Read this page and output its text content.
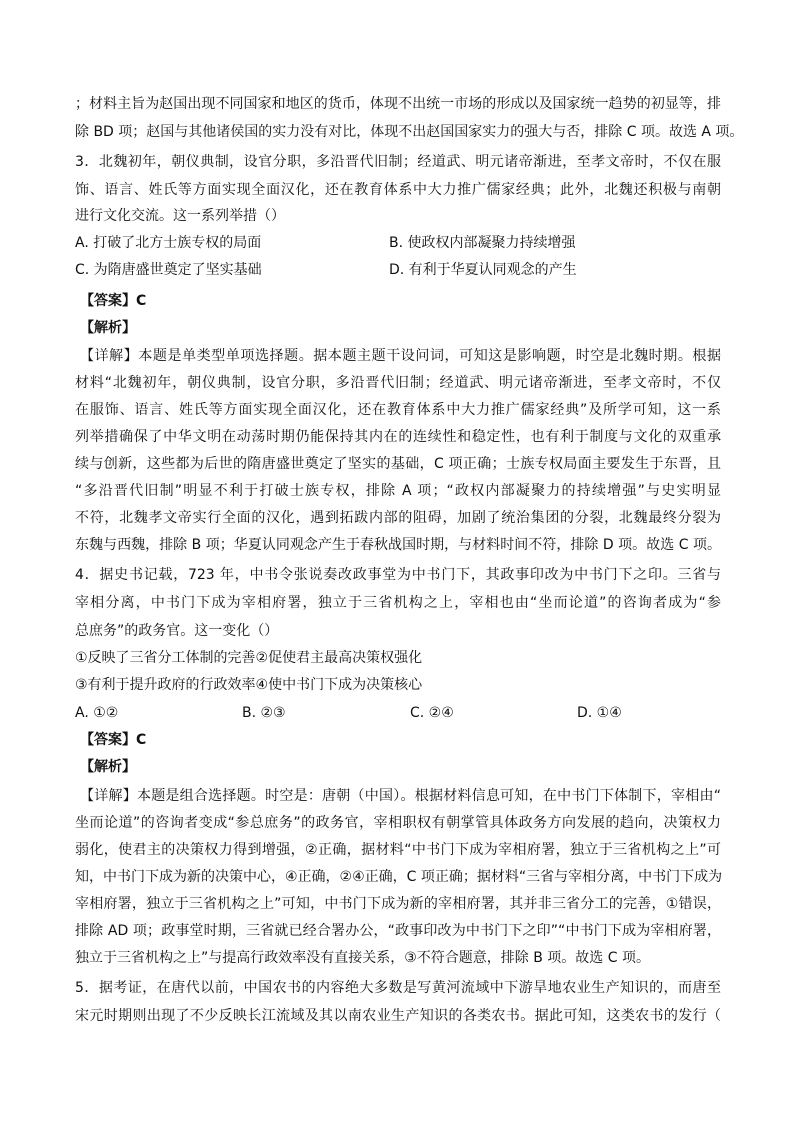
；材料主旨为赵国出现不同国家和地区的货币，体现不出统一市场的形成以及国家统一趋势的初显等，排
除 BD 项；赵国与其他诸侯国的实力没有对比，体现不出赵国国家实力的强大与否，排除 C 项。故选 A 项。
3．北魏初年，朝仪典制，设官分职，多沿晋代旧制；经道武、明元诸帝渐进，至孝文帝时，不仅在服
饰、语言、姓氏等方面实现全面汉化，还在教育体系中大力推广儒家经典；此外，北魏还积极与南朝
进行文化交流。这一系列举措（）
A. 打破了北方士族专权的局面	B. 使政权内部凝聚力持续增强
C. 为隋唐盛世奠定了坚实基础	D. 有利于华夏认同观念的产生
【答案】C
【解析】
【详解】本题是单类型单项选择题。据本题主题干设问词，可知这是影响题，时空是北魏时期。根据
材料“北魏初年，朝仪典制，设官分职，多沿晋代旧制；经道武、明元诸帝渐进，至孝文帝时，不仅
在服饰、语言、姓氏等方面实现全面汉化，还在教育体系中大力推广儒家经典”及所学可知，这一系
列举措确保了中华文明在动荡时期仍能保持其内在的连续性和稳定性，也有利于制度与文化的双重承
续与创新，这些都为后世的隋唐盛世奠定了坚实的基础，C 项正确；士族专权局面主要发生于东晋，且
“多沿晋代旧制”明显不利于打破士族专权，排除 A 项；“政权内部凝聚力的持续增强”与史实明显
不符，北魏孝文帝实行全面的汉化，遇到拓跋内部的阻碍，加剧了统治集团的分裂，北魏最终分裂为
东魏与西魏，排除 B 项；华夏认同观念产生于春秋战国时期，与材料时间不符，排除 D 项。故选 C 项。
4．据史书记载，723 年，中书令张说奏改政事堂为中书门下，其政事印改为中书门下之印。三省与
宰相分离，中书门下成为宰相府署，独立于三省机构之上，宰相也由“坐而论道”的咨询者成为“参
总庶务”的政务官。这一变化（）
①反映了三省分工体制的完善②促使君主最高决策权强化
③有利于提升政府的行政效率④使中书门下成为决策核心
A. ①②	B. ②③	C. ②④	D. ①④
【答案】C
【解析】
【详解】本题是组合选择题。时空是：唐朝（中国）。根据材料信息可知，在中书门下体制下，宰相由“
坐而论道”的咨询者变成“参总庶务”的政务官，宰相职权有朝掌管具体政务方向发展的趋向，决策权力
弱化，使君主的决策权力得到增强，②正确，据材料“中书门下成为宰相府署，独立于三省机构之上”可
知，中书门下成为新的决策中心，④正确，②④正确，C 项正确；据材料“三省与宰相分离，中书门下成为
宰相府署，独立于三省机构之上”可知，中书门下成为新的宰相府署，其并非三省分工的完善，①错误，
排除 AD 项；政事堂时期，三省就已经合署办公，“政事印改为中书门下之印”“中书门下成为宰相府署，
独立于三省机构之上”与提高行政效率没有直接关系，③不符合题意，排除 B 项。故选 C 项。
5．据考证，在唐代以前，中国农书的内容绝大多数是写黄河流域中下游旱地农业生产知识的，而唐至
宋元时期则出现了不少反映长江流域及其以南农业生产知识的各类农书。据此可知，这类农书的发行（
